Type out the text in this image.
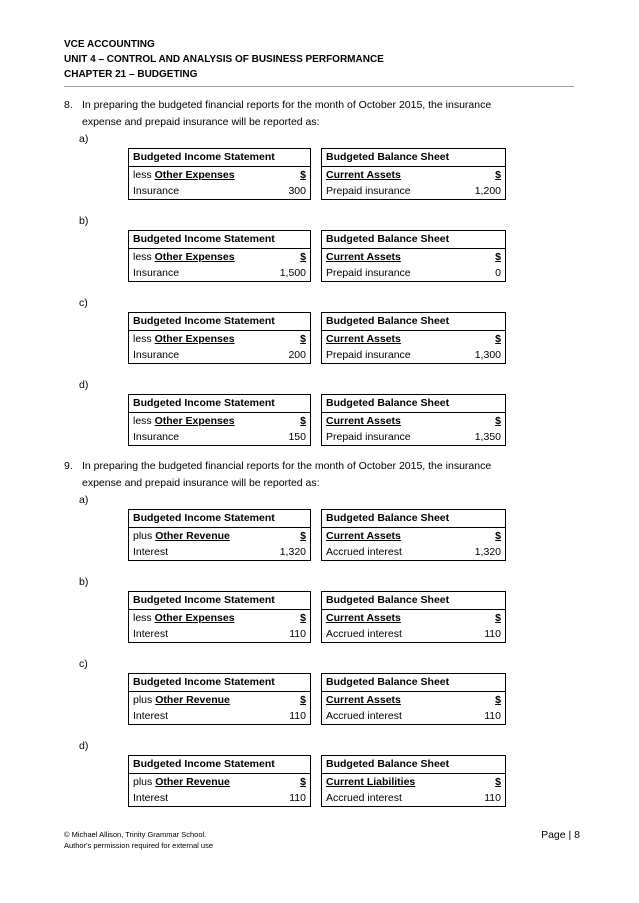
VCE ACCOUNTING
UNIT 4 – CONTROL AND ANALYSIS OF BUSINESS PERFORMANCE
CHAPTER 21 – BUDGETING
8. In preparing the budgeted financial reports for the month of October 2015, the insurance
expense and prepaid insurance will be reported as:
a)
Budgeted Income Statement
less Other Expenses	$
Insurance	300
Budgeted Balance Sheet
Current Assets	$
Prepaid insurance	1,200
b)
Budgeted Income Statement
less Other Expenses	$
Insurance	1,500
Budgeted Balance Sheet
Current Assets	$
Prepaid insurance	0
c)
Budgeted Income Statement
less Other Expenses	$
Insurance	200
Budgeted Balance Sheet
Current Assets	$
Prepaid insurance	1,300
d)
Budgeted Income Statement
less Other Expenses	$
Insurance	150
Budgeted Balance Sheet
Current Assets	$
Prepaid insurance	1,350
9. In preparing the budgeted financial reports for the month of October 2015, the insurance
expense and prepaid insurance will be reported as:
a)
Budgeted Income Statement
plus Other Revenue	$
Interest	1,320
Budgeted Balance Sheet
Current Assets	$
Accrued interest	1,320
b)
Budgeted Income Statement
less Other Expenses	$
Interest	110
Budgeted Balance Sheet
Current Assets	$
Accrued interest	110
c)
Budgeted Income Statement
plus Other Revenue	$
Interest	110
Budgeted Balance Sheet
Current Assets	$
Accrued interest	110
d)
Budgeted Income Statement
plus Other Revenue	$
Interest	110
Budgeted Balance Sheet
Current Liabilities	$
Accrued interest	110
© Michael Allison, Trinity Grammar School.
Author's permission required for external use
Page | 8
